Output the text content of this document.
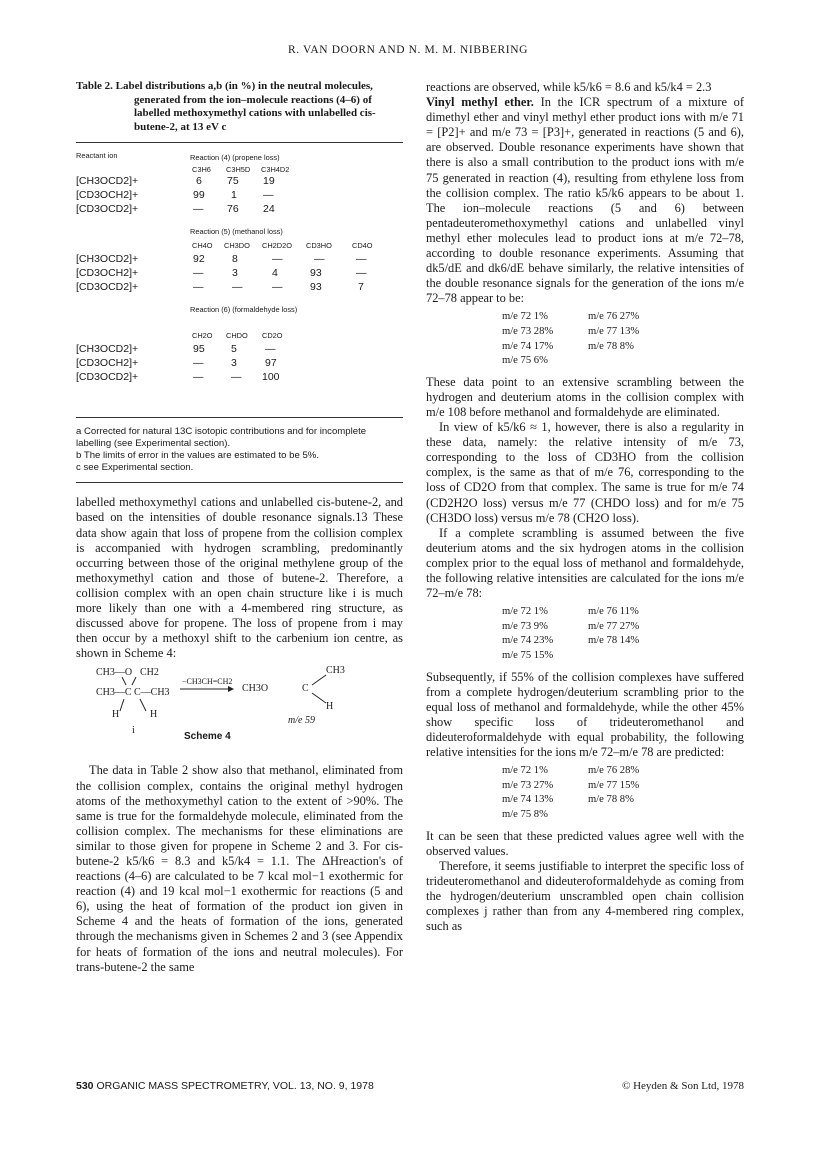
R. VAN DOORN AND N. M. M. NIBBERING
Table 2. Label distributions a,b (in %) in the neutral molecules, generated from the ion–molecule reactions (4–6) of labelled methoxymethyl cations with unlabelled cis-butene-2, at 13 eV c
Reactant ion	Reaction (4) (propene loss)
C3H6 C3H5D C3H4D2
[CH3OCD2]+	6 75 19
[CD3OCH2]+	99	1 —
[CD3OCD2]+	— 76 24
Reaction (5) (methanol loss)
CH4O CH3DO CH2D2O CD3HO	CD4O
[CH3OCD2]+	92	8	—	—	—
[CD3OCH2]+	—	3	4	93	—
[CD3OCD2]+	—	—	—	93	7
Reaction (6) (formaldehyde loss)
CH2O CHDO CD2O
[CH3OCD2]+	95	5	—
[CD3OCH2]+	—	3	97
[CD3OCD2]+	—	— 100

a Corrected for natural 13C isotopic contributions and for incomplete labelling (see Experimental section).

b The limits of error in the values are estimated to be 5%.

c see Experimental section.

labelled methoxymethyl cations and unlabelled cis-butene-2, and based on the intensities of double resonance signals.13 These data show again that loss of propene from the collision complex is accompanied with hydrogen scrambling, predominantly occurring between those of the original methylene group of the methoxymethyl cation and those of butene-2. Therefore, a collision complex with an open chain structure like i is much more likely than one with a 4-membered ring structure, as discussed above for propene. The loss of propene from i may then occur by a methoxyl shift to the carbenium ion centre, as shown in Scheme 4:

CH3—O CH2
CH3—C C—CH3
H	H
i
−CH3CH=CH2
CH3O	C
CH3
H
m/e 59
Scheme 4

The data in Table 2 show also that methanol, eliminated from the collision complex, contains the original methyl hydrogen atoms of the methoxymethyl cation to the extent of >90%. The same is true for the formaldehyde molecule, eliminated from the collision complex. The mechanisms for these eliminations are similar to those given for propene in Scheme 2 and 3. For cis-butene-2 k5/k6 = 8.3 and k5/k4 = 1.1. The ΔHreaction's of reactions (4–6) are calculated to be 7 kcal mol−1 exothermic for reaction (4) and 19 kcal mol−1 exothermic for reactions (5 and 6), using the heat of formation of the product ion given in Scheme 4 and the heats of formation of the ions, generated through the mechanisms given in Schemes 2 and 3 (see Appendix for heats of formation of the ions and neutral molecules). For trans-butene-2 the same

reactions are observed, while k5/k6 = 8.6 and k5/k4 = 2.3

Vinyl methyl ether. In the ICR spectrum of a mixture of dimethyl ether and vinyl methyl ether product ions with m/e 71 = [P2]+ and m/e 73 = [P3]+, generated in reactions (5 and 6), are observed. Double resonance experiments have shown that there is also a small contribution to the product ions with m/e 75 generated in reaction (4), resulting from ethylene loss from the collision complex. The ratio k5/k6 appears to be about 1. The ion–molecule reactions (5 and 6) between pentadeuteromethoxymethyl cations and unlabelled vinyl methyl ether molecules lead to product ions at m/e 72–78, according to double resonance experiments. Assuming that dk5/dE and dk6/dE behave similarly, the relative intensities of the double resonance signals for the generation of the ions m/e 72–78 appear to be:

m/e 72 1%	m/e 76 27%
m/e 73 28%	m/e 77 13%
m/e 74 17%	m/e 78 8%
m/e 75 6%

These data point to an extensive scrambling between the hydrogen and deuterium atoms in the collision complex with m/e 108 before methanol and formaldehyde are eliminated.

In view of k5/k6 ≈ 1, however, there is also a regularity in these data, namely: the relative intensity of m/e 73, corresponding to the loss of CD3HO from the collision complex, is the same as that of m/e 76, corresponding to the loss of CD2O from that complex. The same is true for m/e 74 (CD2H2O loss) versus m/e 77 (CHDO loss) and for m/e 75 (CH3DO loss) versus m/e 78 (CH2O loss).

If a complete scrambling is assumed between the five deuterium atoms and the six hydrogen atoms in the collision complex prior to the equal loss of methanol and formaldehyde, the following relative intensities are calculated for the ions m/e 72–m/e 78:

m/e 72 1%	m/e 76 11%
m/e 73 9%	m/e 77 27%
m/e 74 23%	m/e 78 14%
m/e 75 15%

Subsequently, if 55% of the collision complexes have suffered from a complete hydrogen/deuterium scrambling prior to the equal loss of methanol and formaldehyde, while the other 45% show specific loss of trideuteromethanol and dideuteroformaldehyde with equal probability, the following relative intensities for the ions m/e 72–m/e 78 are predicted:

m/e 72 1%	m/e 76 28%
m/e 73 27%	m/e 77 15%
m/e 74 13%	m/e 78 8%
m/e 75 8%

It can be seen that these predicted values agree well with the observed values.

Therefore, it seems justifiable to interpret the specific loss of trideuteromethanol and dideuteroformaldehyde as coming from the hydrogen/deuterium unscrambled open chain collision complexes j rather than from any 4-membered ring complex, such as

530 ORGANIC MASS SPECTROMETRY, VOL. 13, NO. 9, 1978	© Heyden & Son Ltd, 1978
